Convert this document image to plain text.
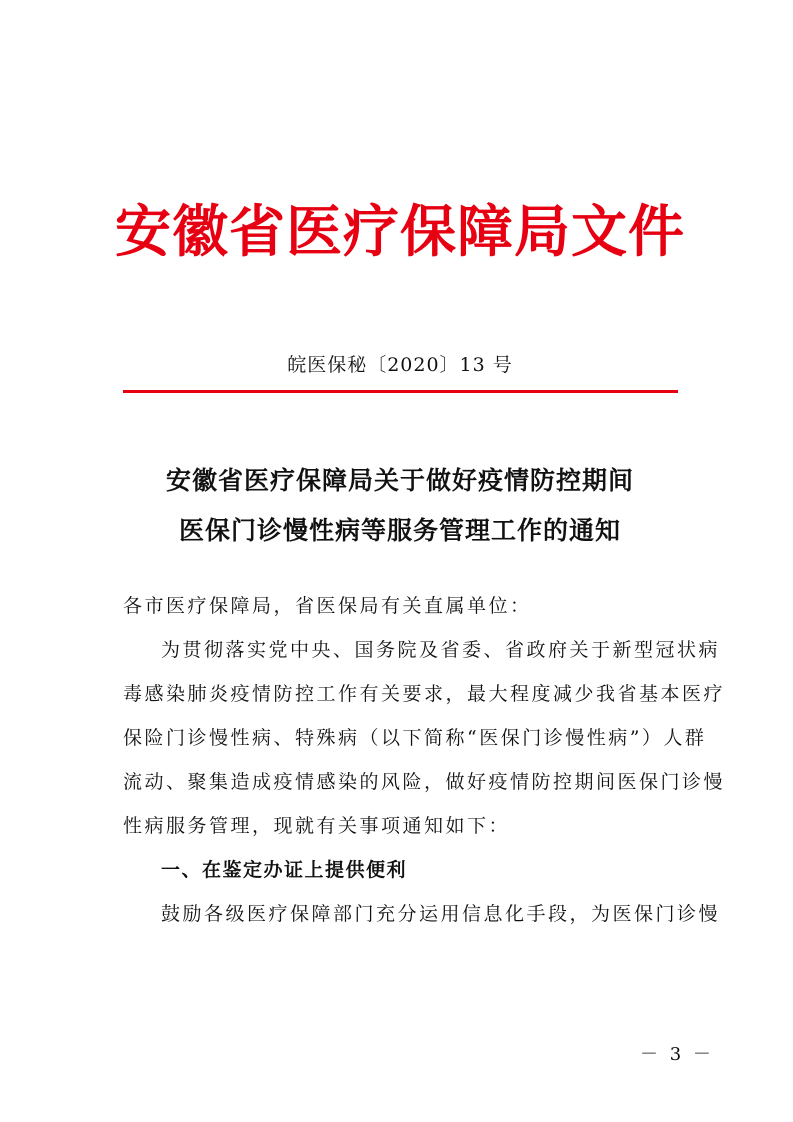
安徽省医疗保障局文件
皖医保秘〔2020〕13 号
安徽省医疗保障局关于做好疫情防控期间
医保门诊慢性病等服务管理工作的通知

各市医疗保障局，省医保局有关直属单位：

为贯彻落实党中央、国务院及省委、省政府关于新型冠状病

毒感染肺炎疫情防控工作有关要求，最大程度减少我省基本医疗

保险门诊慢性病、特殊病（以下简称“医保门诊慢性病”）人群

流动、聚集造成疫情感染的风险，做好疫情防控期间医保门诊慢

性病服务管理，现就有关事项通知如下：

一、在鉴定办证上提供便利

鼓励各级医疗保障部门充分运用信息化手段，为医保门诊慢

－ 3 －
